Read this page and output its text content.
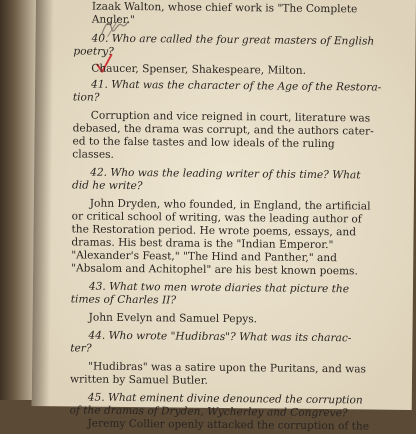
Izaak Walton, whose chief work is "The Complete
Angler."
40. Who are called the four great masters of English
poetry?
Chaucer, Spenser, Shakespeare, Milton.
41. What was the character of the Age of the Restora-
tion?
Corruption and vice reigned in court, literature was
debased, the drama was corrupt, and the authors cater-
ed to the false tastes and low ideals of the ruling
classes.
42. Who was the leading writer of this time? What
did he write?
John Dryden, who founded, in England, the artificial
or critical school of writing, was the leading author of
the Restoration period. He wrote poems, essays, and
dramas. His best drama is the "Indian Emperor."
"Alexander's Feast," "The Hind and Panther," and
"Absalom and Achitophel" are his best known poems.
43. What two men wrote diaries that picture the
times of Charles II?
John Evelyn and Samuel Pepys.
44. Who wrote "Hudibras"? What was its charac-
ter?
"Hudibras" was a satire upon the Puritans, and was
written by Samuel Butler.
45. What eminent divine denounced the corruption
of the dramas of Dryden, Wycherley and Congreve?
Jeremy Collier openly attacked the corruption of the
